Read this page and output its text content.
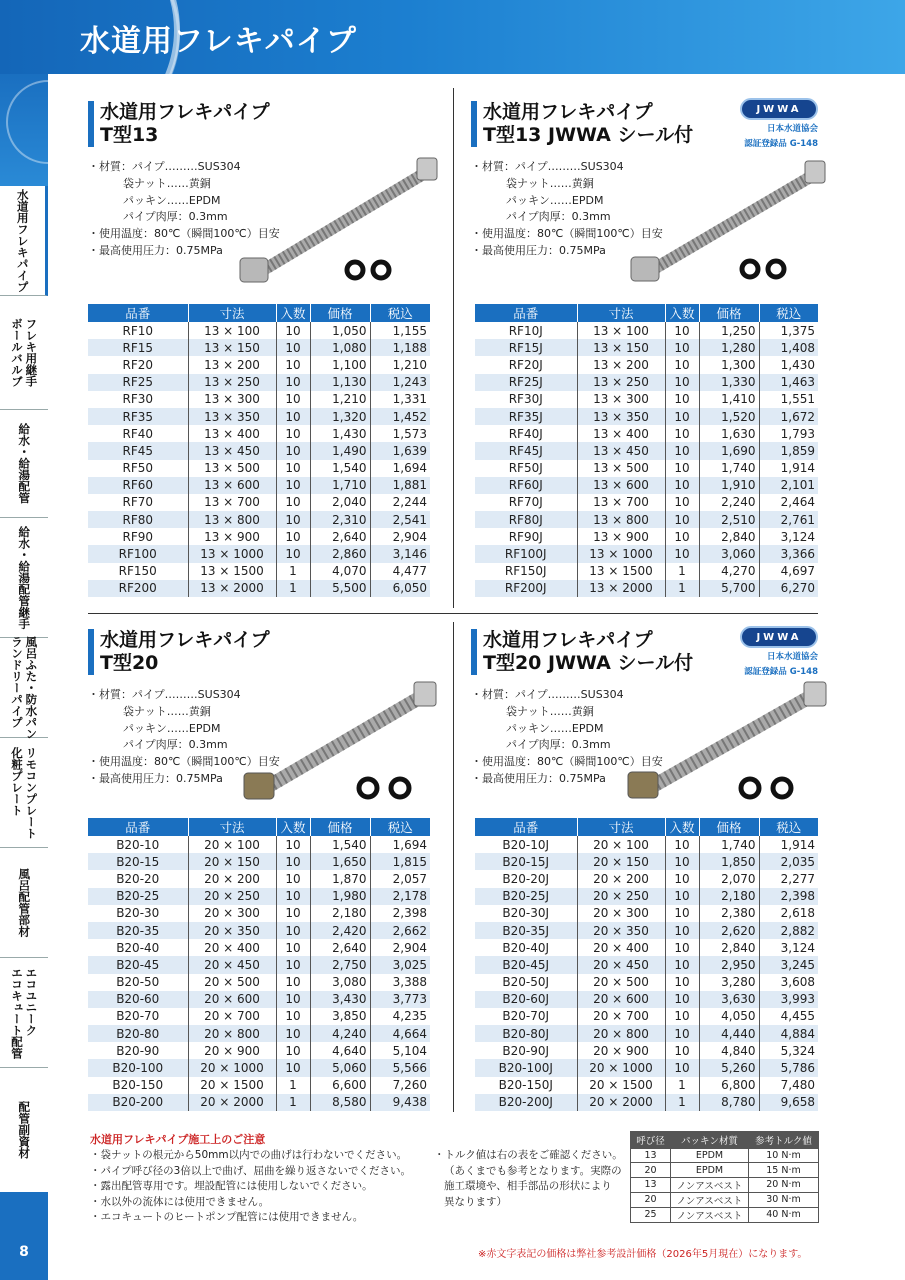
水道用フレキパイプ
水道用フレキパイプ
フレキ用継手
ボールバルブ
給水・給湯配管
給水・給湯配管継手
風呂ふた・防水パン
ランドリーパイプ
リモコンプレート
化粧プレート
風呂配管部材
エコユニーク
エコキュート配管
配管副資材
8
水道用フレキパイプ
T型13
・材質：パイプ………SUS304
袋ナット……黄銅
パッキン……EPDM
パイプ肉厚：0.3mm
・使用温度：80℃（瞬間100℃）目安
・最高使用圧力：0.75MPa
品番	寸法	入数	価格	税込
RF10	13 × 100	10	1,050	1,155
RF15	13 × 150	10	1,080	1,188
RF20	13 × 200	10	1,100	1,210
RF25	13 × 250	10	1,130	1,243
RF30	13 × 300	10	1,210	1,331
RF35	13 × 350	10	1,320	1,452
RF40	13 × 400	10	1,430	1,573
RF45	13 × 450	10	1,490	1,639
RF50	13 × 500	10	1,540	1,694
RF60	13 × 600	10	1,710	1,881
RF70	13 × 700	10	2,040	2,244
RF80	13 × 800	10	2,310	2,541
RF90	13 × 900	10	2,640	2,904
RF100	13 × 1000	10	2,860	3,146
RF150	13 × 1500	1	4,070	4,477
RF200	13 × 2000	1	5,500	6,050
水道用フレキパイプ
T型13 JWWA シール付
・材質：パイプ………SUS304
袋ナット……黄銅
パッキン……EPDM
パイプ肉厚：0.3mm
・使用温度：80℃（瞬間100℃）目安
・最高使用圧力：0.75MPa
JWWA
日本水道協会
認証登録品 G-148
品番	寸法	入数	価格	税込
RF10J	13 × 100	10	1,250	1,375
RF15J	13 × 150	10	1,280	1,408
RF20J	13 × 200	10	1,300	1,430
RF25J	13 × 250	10	1,330	1,463
RF30J	13 × 300	10	1,410	1,551
RF35J	13 × 350	10	1,520	1,672
RF40J	13 × 400	10	1,630	1,793
RF45J	13 × 450	10	1,690	1,859
RF50J	13 × 500	10	1,740	1,914
RF60J	13 × 600	10	1,910	2,101
RF70J	13 × 700	10	2,240	2,464
RF80J	13 × 800	10	2,510	2,761
RF90J	13 × 900	10	2,840	3,124
RF100J	13 × 1000	10	3,060	3,366
RF150J	13 × 1500	1	4,270	4,697
RF200J	13 × 2000	1	5,700	6,270
水道用フレキパイプ
T型20
・材質：パイプ………SUS304
袋ナット……黄銅
パッキン……EPDM
パイプ肉厚：0.3mm
・使用温度：80℃（瞬間100℃）目安
・最高使用圧力：0.75MPa
品番	寸法	入数	価格	税込
B20-10	20 × 100	10	1,540	1,694
B20-15	20 × 150	10	1,650	1,815
B20-20	20 × 200	10	1,870	2,057
B20-25	20 × 250	10	1,980	2,178
B20-30	20 × 300	10	2,180	2,398
B20-35	20 × 350	10	2,420	2,662
B20-40	20 × 400	10	2,640	2,904
B20-45	20 × 450	10	2,750	3,025
B20-50	20 × 500	10	3,080	3,388
B20-60	20 × 600	10	3,430	3,773
B20-70	20 × 700	10	3,850	4,235
B20-80	20 × 800	10	4,240	4,664
B20-90	20 × 900	10	4,640	5,104
B20-100	20 × 1000	10	5,060	5,566
B20-150	20 × 1500	1	6,600	7,260
B20-200	20 × 2000	1	8,580	9,438
水道用フレキパイプ
T型20 JWWA シール付
・材質：パイプ………SUS304
袋ナット……黄銅
パッキン……EPDM
パイプ肉厚：0.3mm
・使用温度：80℃（瞬間100℃）目安
・最高使用圧力：0.75MPa
JWWA
日本水道協会
認証登録品 G-148
品番	寸法	入数	価格	税込
B20-10J	20 × 100	10	1,740	1,914
B20-15J	20 × 150	10	1,850	2,035
B20-20J	20 × 200	10	2,070	2,277
B20-25J	20 × 250	10	2,180	2,398
B20-30J	20 × 300	10	2,380	2,618
B20-35J	20 × 350	10	2,620	2,882
B20-40J	20 × 400	10	2,840	3,124
B20-45J	20 × 450	10	2,950	3,245
B20-50J	20 × 500	10	3,280	3,608
B20-60J	20 × 600	10	3,630	3,993
B20-70J	20 × 700	10	4,050	4,455
B20-80J	20 × 800	10	4,440	4,884
B20-90J	20 × 900	10	4,840	5,324
B20-100J	20 × 1000	10	5,260	5,786
B20-150J	20 × 1500	1	6,800	7,480
B20-200J	20 × 2000	1	8,780	9,658
水道用フレキパイプ施工上のご注意
・袋ナットの根元から50mm以内での曲げは行わないでください。
・パイプ呼び径の3倍以上で曲げ、屈曲を繰り返さないでください。
・露出配管専用です。埋設配管には使用しないでください。
・水以外の流体には使用できません。
・エコキュートのヒートポンプ配管には使用できません。
・トルク値は右の表をご確認ください。
（あくまでも参考となります。実際の
施工環境や、相手部品の形状により
異なります）
呼び径	パッキン材質	参考トルク値
13	EPDM	10 N·m
20	EPDM	15 N·m
13	ノンアスベスト	20 N·m
20	ノンアスベスト	30 N·m
25	ノンアスベスト	40 N·m
※赤文字表記の価格は弊社参考設計価格（2026年5月現在）になります。
